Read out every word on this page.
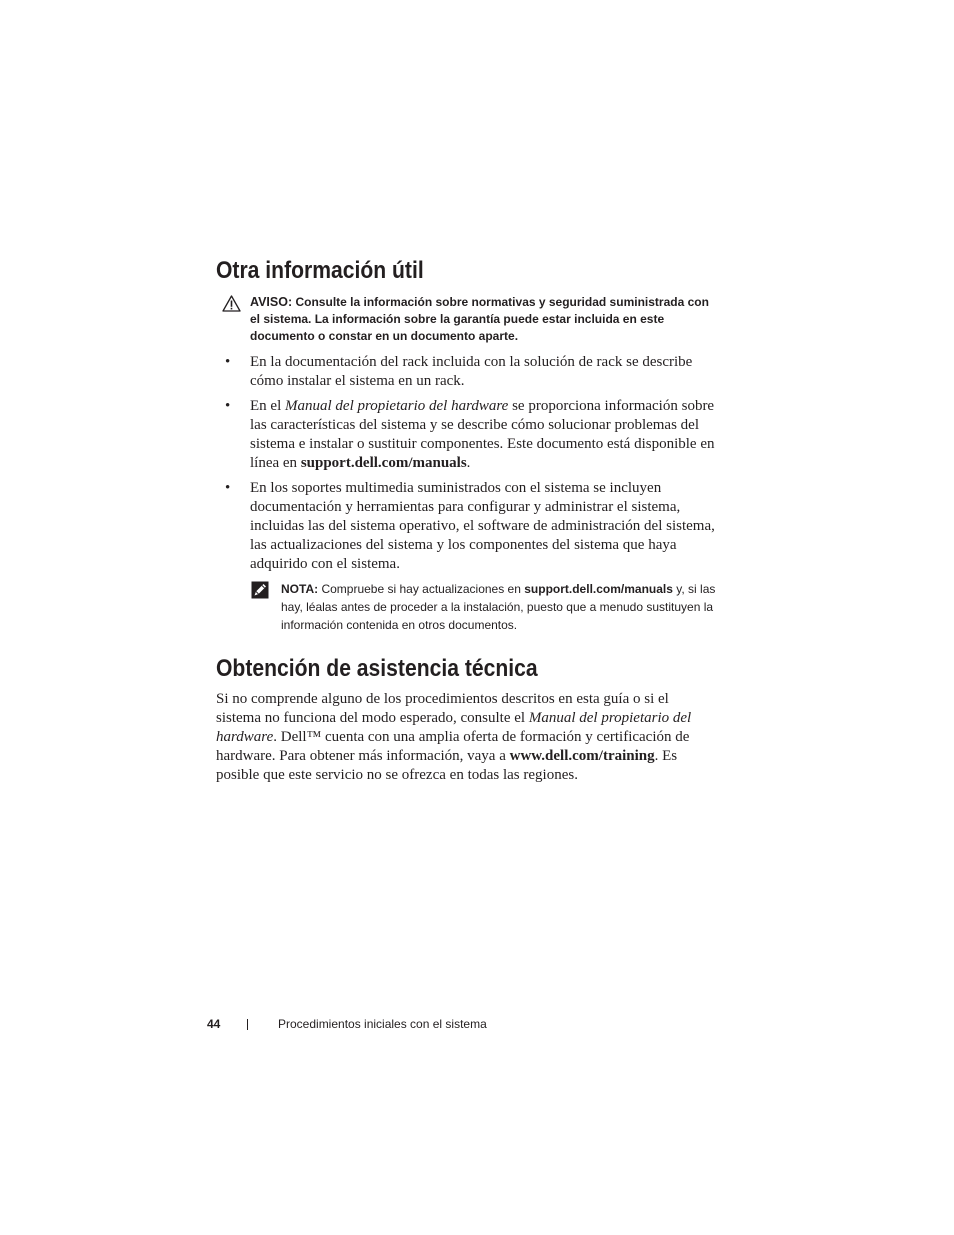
Otra información útil
AVISO: Consulte la información sobre normativas y seguridad suministrada con el sistema. La información sobre la garantía puede estar incluida en este documento o constar en un documento aparte.
• En la documentación del rack incluida con la solución de rack se describe cómo instalar el sistema en un rack.
• En el Manual del propietario del hardware se proporciona información sobre las características del sistema y se describe cómo solucionar problemas del sistema e instalar o sustituir componentes. Este documento está disponible en línea en support.dell.com/manuals.
• En los soportes multimedia suministrados con el sistema se incluyen documentación y herramientas para configurar y administrar el sistema, incluidas las del sistema operativo, el software de administración del sistema, las actualizaciones del sistema y los componentes del sistema que haya adquirido con el sistema.
NOTA: Compruebe si hay actualizaciones en support.dell.com/manuals y, si las hay, léalas antes de proceder a la instalación, puesto que a menudo sustituyen la información contenida en otros documentos.
Obtención de asistencia técnica

Si no comprende alguno de los procedimientos descritos en esta guía o si el sistema no funciona del modo esperado, consulte el Manual del propietario del hardware. Dell™ cuenta con una amplia oferta de formación y certificación de hardware. Para obtener más información, vaya a www.dell.com/training. Es posible que este servicio no se ofrezca en todas las regiones.

44	Procedimientos iniciales con el sistema
